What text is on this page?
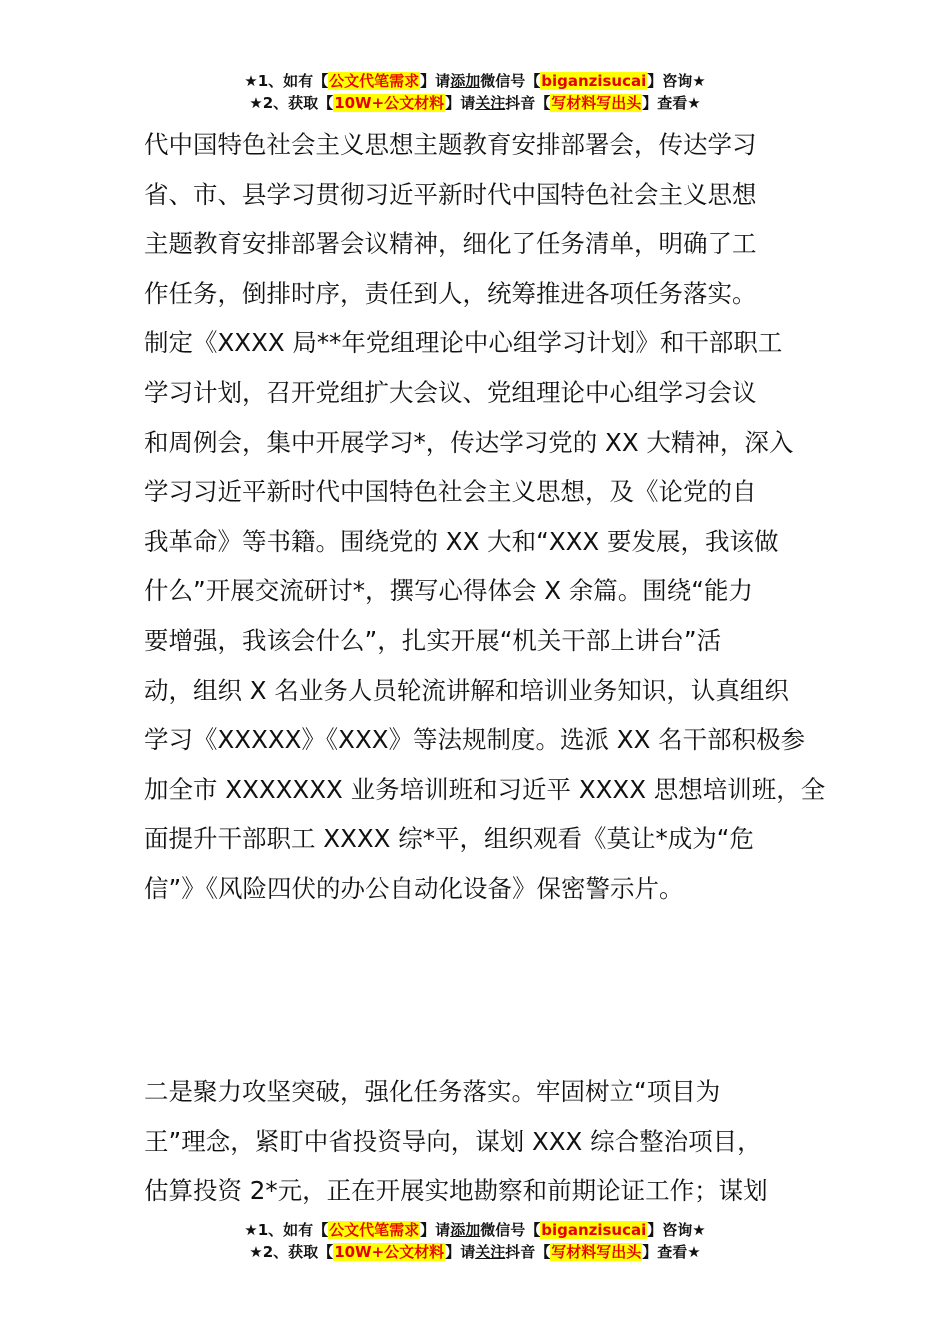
★1、如有【公文代笔需求】请添加微信号【biganzisucai】咨询★
★2、获取【10W+公文材料】请关注抖音【写材料写出头】查看★
代中国特色社会主义思想主题教育安排部署会，传达学习
省、市、县学习贯彻习近平新时代中国特色社会主义思想
主题教育安排部署会议精神，细化了任务清单，明确了工
作任务，倒排时序，责任到人，统筹推进各项任务落实。
制定《XXXX 局**年党组理论中心组学习计划》和干部职工
学习计划，召开党组扩大会议、党组理论中心组学习会议
和周例会，集中开展学习*，传达学习党的 XX 大精神，深入
学习习近平新时代中国特色社会主义思想，及《论党的自
我革命》等书籍。围绕党的 XX 大和“XXX 要发展，我该做
什么”开展交流研讨*，撰写心得体会 X 余篇。围绕“能力
要增强，我该会什么”，扎实开展“机关干部上讲台”活
动，组织 X 名业务人员轮流讲解和培训业务知识，认真组织
学习《XXXXX》《XXX》等法规制度。选派 XX 名干部积极参
加全市 XXXXXXX 业务培训班和习近平 XXXX 思想培训班，全
面提升干部职工 XXXX 综*平，组织观看《莫让*成为“危
信”》《风险四伏的办公自动化设备》保密警示片。
二是聚力攻坚突破，强化任务落实。牢固树立“项目为
王”理念，紧盯中省投资导向，谋划 XXX 综合整治项目，
估算投资 2*元，正在开展实地勘察和前期论证工作；谋划
★1、如有【公文代笔需求】请添加微信号【biganzisucai】咨询★
★2、获取【10W+公文材料】请关注抖音【写材料写出头】查看★
